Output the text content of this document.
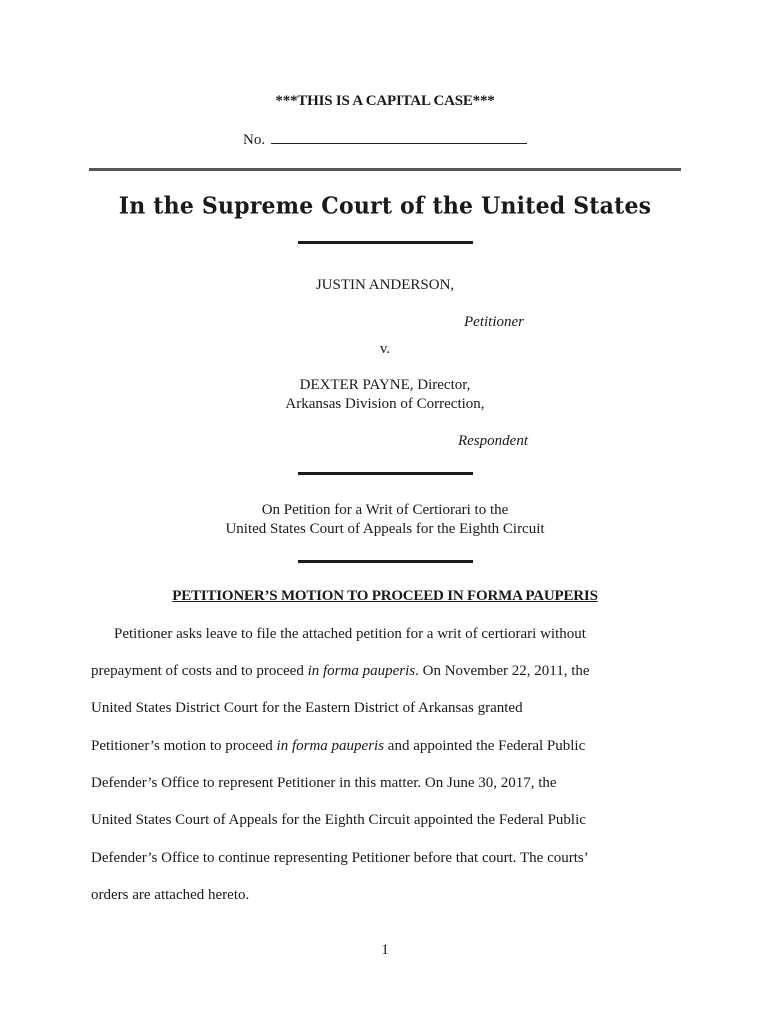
***THIS IS A CAPITAL CASE***
No.
In the Supreme Court of the United States
JUSTIN ANDERSON,
Petitioner
v.
DEXTER PAYNE, Director,
Arkansas Division of Correction,
Respondent
On Petition for a Writ of Certiorari to the
United States Court of Appeals for the Eighth Circuit
PETITIONER’S MOTION TO PROCEED IN FORMA PAUPERIS
Petitioner asks leave to file the attached petition for a writ of certiorari without
prepayment of costs and to proceed in forma pauperis. On November 22, 2011, the
United States District Court for the Eastern District of Arkansas granted
Petitioner’s motion to proceed in forma pauperis and appointed the Federal Public
Defender’s Office to represent Petitioner in this matter. On June 30, 2017, the
United States Court of Appeals for the Eighth Circuit appointed the Federal Public
Defender’s Office to continue representing Petitioner before that court. The courts’
orders are attached hereto.
1
